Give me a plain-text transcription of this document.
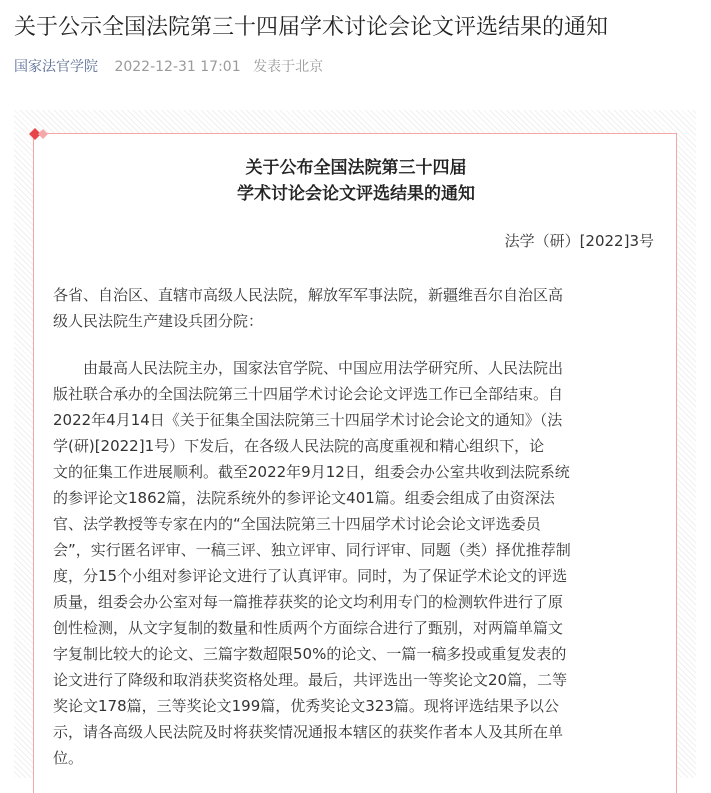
关于公示全国法院第三十四届学术讨论会论文评选结果的通知
国家法官学院 2022-12-31 17:01 发表于北京
关于公布全国法院第三十四届
学术讨论会论文评选结果的通知
法学（研）[2022]3号
各省、自治区、直辖市高级人民法院，解放军军事法院，新疆维吾尔自治区高
级人民法院生产建设兵团分院：
　　由最高人民法院主办，国家法官学院、中国应用法学研究所、人民法院出
版社联合承办的全国法院第三十四届学术讨论会论文评选工作已全部结束。自
2022年4月14日《关于征集全国法院第三十四届学术讨论会论文的通知》（法
学(研)[2022]1号）下发后，在各级人民法院的高度重视和精心组织下，论
文的征集工作进展顺利。截至2022年9月12日，组委会办公室共收到法院系统
的参评论文1862篇，法院系统外的参评论文401篇。组委会组成了由资深法
官、法学教授等专家在内的“全国法院第三十四届学术讨论会论文评选委员
会”，实行匿名评审、一稿三评、独立评审、同行评审、同题（类）择优推荐制
度，分15个小组对参评论文进行了认真评审。同时，为了保证学术论文的评选
质量，组委会办公室对每一篇推荐获奖的论文均利用专门的检测软件进行了原
创性检测，从文字复制的数量和性质两个方面综合进行了甄别，对两篇单篇文
字复制比较大的论文、三篇字数超限50%的论文、一篇一稿多投或重复发表的
论文进行了降级和取消获奖资格处理。最后，共评选出一等奖论文20篇，二等
奖论文178篇，三等奖论文199篇，优秀奖论文323篇。现将评选结果予以公
示，请各高级人民法院及时将获奖情况通报本辖区的获奖作者本人及其所在单
位。
